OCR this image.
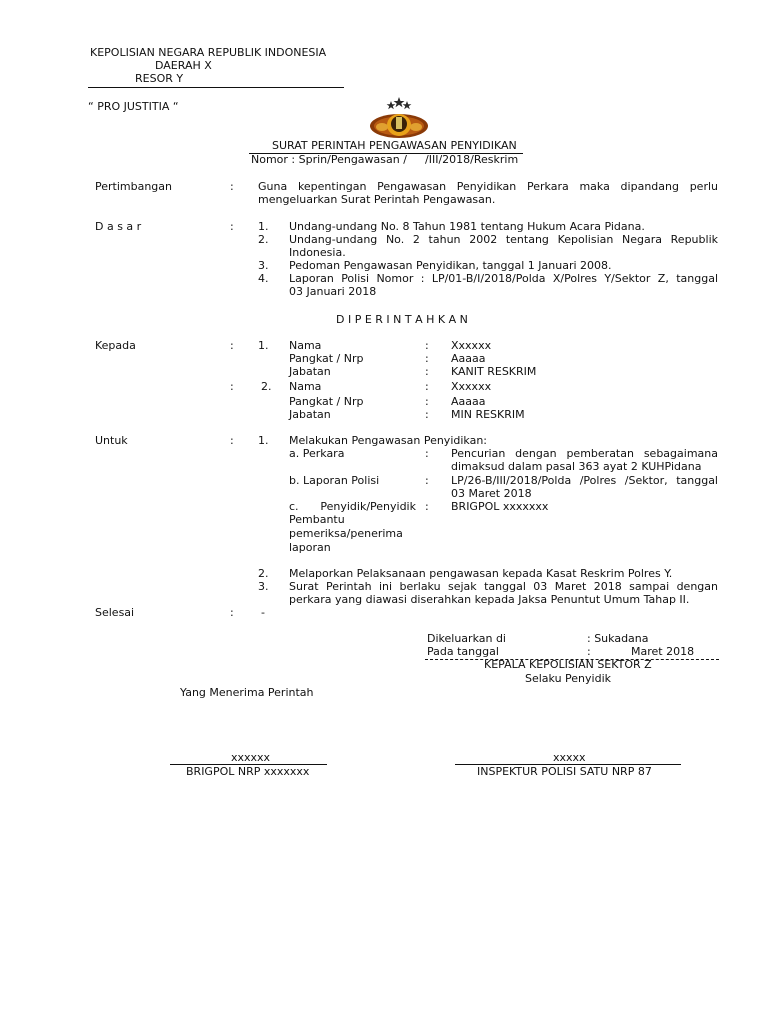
KEPOLISIAN NEGARA REPUBLIK INDONESIA
DAERAH X
RESOR Y
“ PRO JUSTITIA “
SURAT PERINTAH PENGAWASAN PENYIDIKAN
Nomor : Sprin/Pengawasan / /III/2018/Reskrim
Pertimbangan	: Guna kepentingan Pengawasan Penyidikan Perkara maka dipandang perlu
mengeluarkan Surat Perintah Pengawasan.
D a s a r	: 1. Undang-undang No. 8 Tahun 1981 tentang Hukum Acara Pidana.
2. Undang-undang No. 2 tahun 2002 tentang Kepolisian Negara Republik
Indonesia.
3. Pedoman Pengawasan Penyidikan, tanggal 1 Januari 2008.
4. Laporan Polisi Nomor : LP/01-B/I/2018/Polda X/Polres Y/Sektor Z, tanggal
03 Januari 2018
D I P E R I N T A H K A N
Kepada	: 1. Nama	: Xxxxxx
Pangkat / Nrp	: Aaaaa
Jabatan	: KANIT RESKRIM
: 2. Nama	: Xxxxxx
Pangkat / Nrp	: Aaaaa
Jabatan	: MIN RESKRIM
Untuk	: 1. Melakukan Pengawasan Penyidikan:
a. Perkara	: Pencurian dengan pemberatan sebagaimana
dimaksud dalam pasal 363 ayat 2 KUHPidana
b. Laporan Polisi	: LP/26-B/III/2018/Polda /Polres /Sektor, tanggal
03 Maret 2018
c. Penyidik/Penyidik
Pembantu
pemeriksa/penerima
laporan
: BRIGPOL xxxxxxx
2. Melaporkan Pelaksanaan pengawasan kepada Kasat Reskrim Polres Y.
3. Surat Perintah ini berlaku sejak tanggal 03 Maret 2018 sampai dengan
perkara yang diawasi diserahkan kepada Jaksa Penuntut Umum Tahap II.
Selesai	: -
Dikeluarkan di	: Sukadana
Pada tanggal	:	Maret 2018
KEPALA KEPOLISIAN SEKTOR Z
Selaku Penyidik
Yang Menerima Perintah
xxxxxx
BRIGPOL NRP xxxxxxx
xxxxx
INSPEKTUR POLISI SATU NRP 87
